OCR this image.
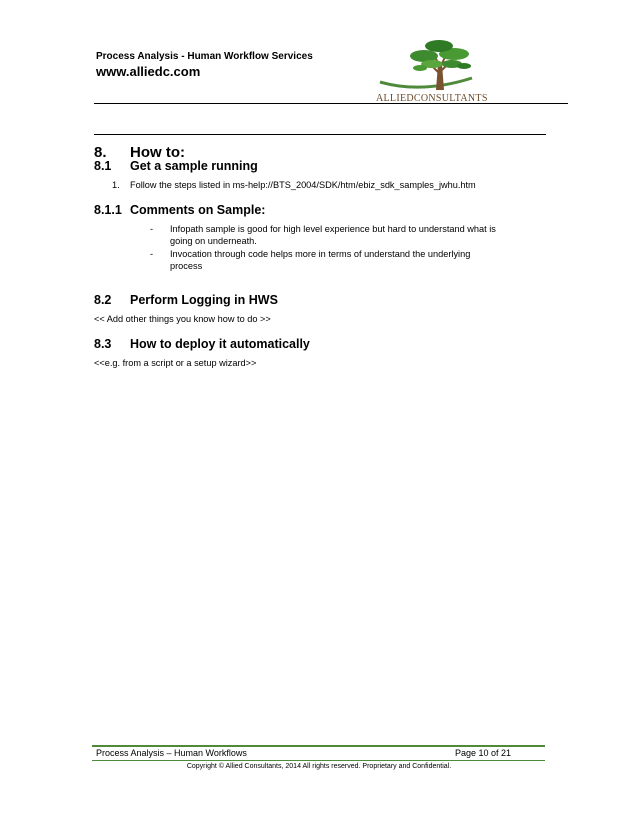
Process Analysis - Human Workflow Services
www.alliedc.com
ALLIEDCONSULTANTS
8. How to:
8.1 Get a sample running
1. Follow the steps listed in ms-help://BTS_2004/SDK/htm/ebiz_sdk_samples_jwhu.htm
8.1.1 Comments on Sample:
- Infopath sample is good for high level experience but hard to understand what is
going on underneath.
- Invocation through code helps more in terms of understand the underlying
process
8.2 Perform Logging in HWS
<< Add other things you know how to do >>
8.3 How to deploy it automatically
<<e.g. from a script or a setup wizard>>
Process Analysis – Human Workflows	Page 10 of 21
Copyright © Allied Consultants, 2014 All rights reserved. Proprietary and Confidential.
